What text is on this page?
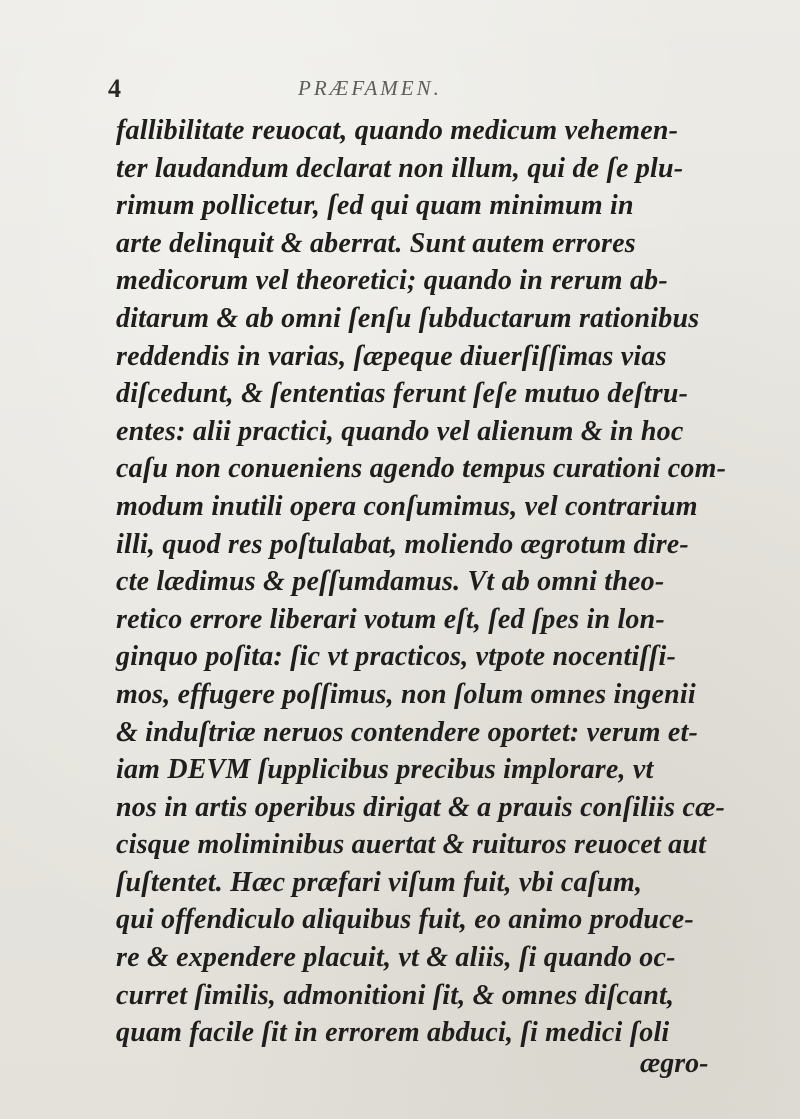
4	PRÆFAMEN.
fallibilitate reuocat, quando medicum vehemen-
ter laudandum declarat non illum, qui de ſe plu-
rimum pollicetur, ſed qui quam minimum in
arte delinquit & aberrat. Sunt autem errores
medicorum vel theoretici; quando in rerum ab-
ditarum & ab omni ſenſu ſubductarum rationibus
reddendis in varias, ſæpeque diuerſiſſimas vias
diſcedunt, & ſententias ferunt ſeſe mutuo deſtru-
entes: alii practici, quando vel alienum & in hoc
caſu non conueniens agendo tempus curationi com-
modum inutili opera conſumimus, vel contrarium
illi, quod res poſtulabat, moliendo ægrotum dire-
cte lædimus & peſſumdamus. Vt ab omni theo-
retico errore liberari votum eſt, ſed ſpes in lon-
ginquo poſita: ſic vt practicos, vtpote nocentiſſi-
mos, effugere poſſimus, non ſolum omnes ingenii
& induſtriæ neruos contendere oportet: verum et-
iam DEVM ſupplicibus precibus implorare, vt
nos in artis operibus dirigat & a prauis conſiliis cæ-
cisque moliminibus auertat & ruituros reuocet aut
ſuſtentet. Hæc præfari viſum fuit, vbi caſum,
qui offendiculo aliquibus fuit, eo animo produce-
re & expendere placuit, vt & aliis, ſi quando oc-
curret ſimilis, admonitioni ſit, & omnes diſcant,
quam facile ſit in errorem abduci, ſi medici ſoli
ægro-
